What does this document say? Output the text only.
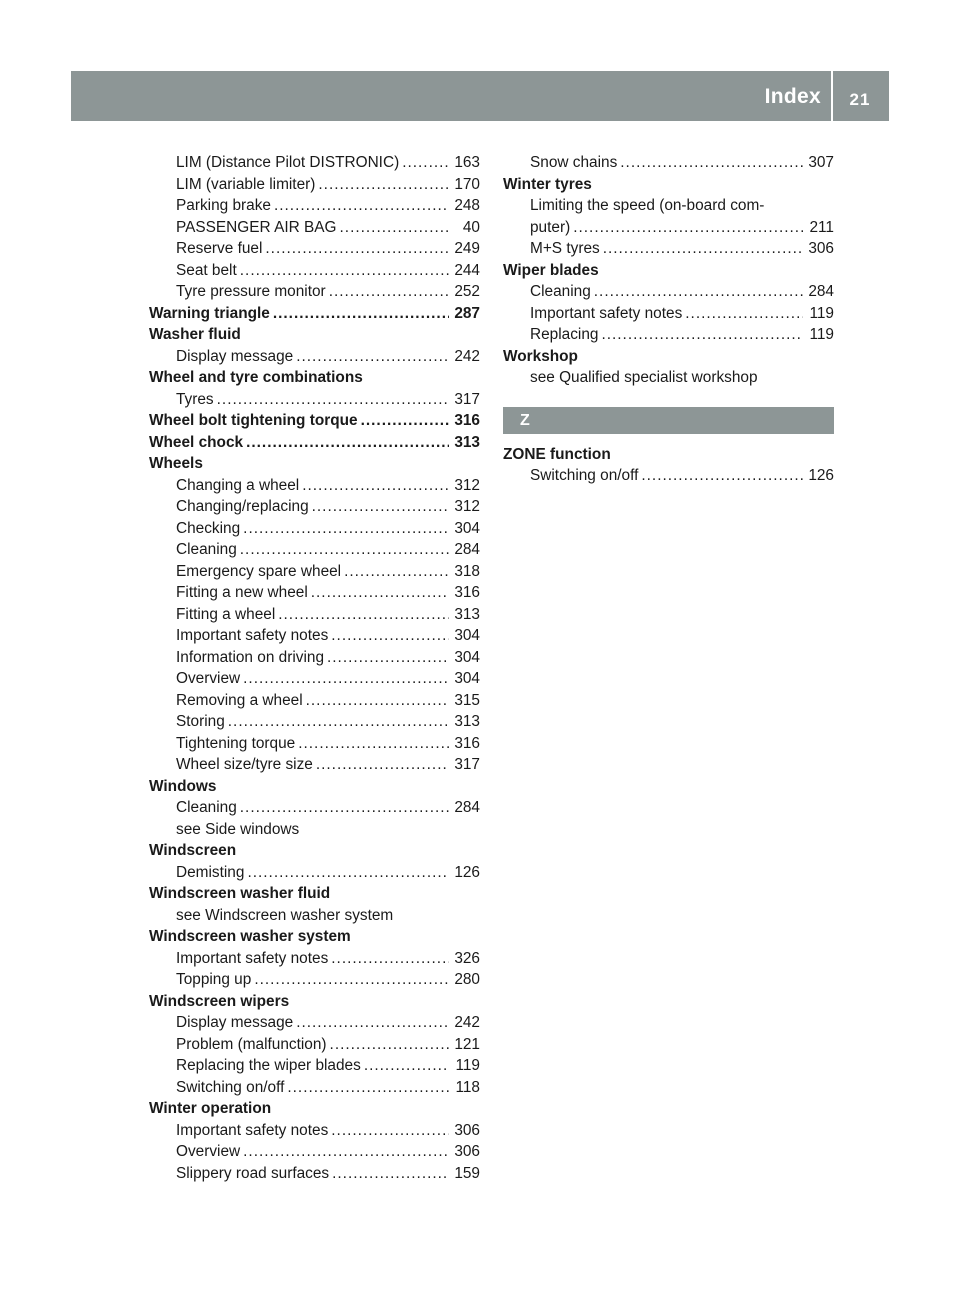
Index	21
LIM (Distance Pilot DISTRONIC) .....	163
LIM (variable limiter) .....	170
Parking brake .....	248
PASSENGER AIR BAG .....	40
Reserve fuel .....	249
Seat belt .....	244
Tyre pressure monitor .....	252
Warning triangle .....	287
Washer fluid
Display message .....	242
Wheel and tyre combinations
Tyres .....	317
Wheel bolt tightening torque .....	316
Wheel chock .....	313
Wheels
Changing a wheel .....	312
Changing/replacing .....	312
Checking .....	304
Cleaning .....	284
Emergency spare wheel .....	318
Fitting a new wheel .....	316
Fitting a wheel .....	313
Important safety notes .....	304
Information on driving .....	304
Overview .....	304
Removing a wheel .....	315
Storing .....	313
Tightening torque .....	316
Wheel size/tyre size .....	317
Windows
Cleaning .....	284
see Side windows
Windscreen
Demisting .....	126
Windscreen washer fluid
see Windscreen washer system
Windscreen washer system
Important safety notes .....	326
Topping up .....	280
Windscreen wipers
Display message .....	242
Problem (malfunction) .....	121
Replacing the wiper blades .....	119
Switching on/off .....	118
Winter operation
Important safety notes .....	306
Overview .....	306
Slippery road surfaces .....	159
Snow chains .....	307
Winter tyres
Limiting the speed (on-board com-
puter) .....	211
M+S tyres .....	306
Wiper blades
Cleaning .....	284
Important safety notes .....	119
Replacing .....	119
Workshop
see Qualified specialist workshop
Z
ZONE function
Switching on/off .....	126
